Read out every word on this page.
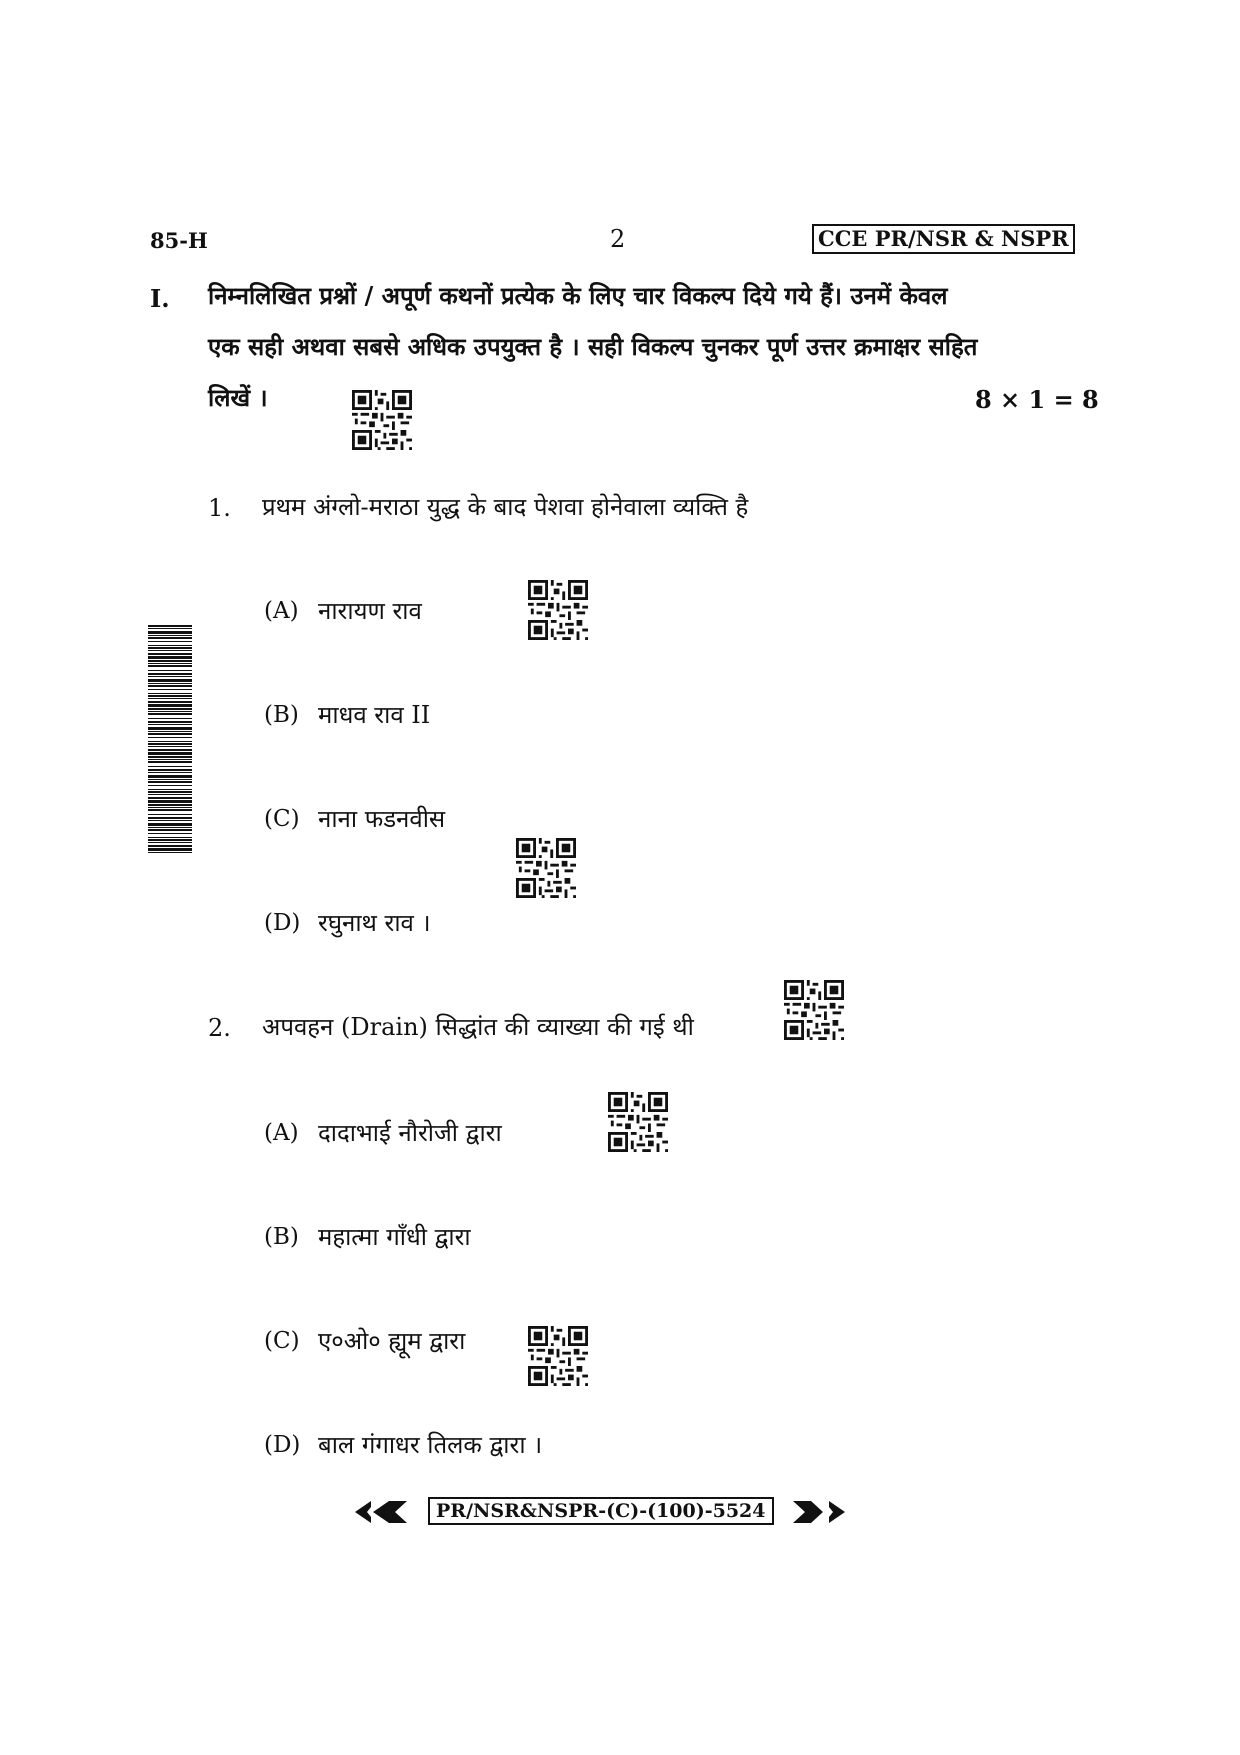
85-H	2	CCE PR/NSR & NSPR
I. निम्नलिखित प्रश्नों / अपूर्ण कथनों प्रत्येक के लिए चार विकल्प दिये गये हैं। उनमें केवल
एक सही अथवा सबसे अधिक उपयुक्त है । सही विकल्प चुनकर पूर्ण उत्तर क्रमाक्षर सहित
लिखें ।	8 × 1 = 8
1. प्रथम अंग्लो-मराठा युद्ध के बाद पेशवा होनेवाला व्यक्ति है
(A) नारायण राव
(B) माधव राव II
(C) नाना फडनवीस
(D) रघुनाथ राव ।
2. अपवहन (Drain) सिद्धांत की व्याख्या की गई थी
(A) दादाभाई नौरोजी द्वारा
(B) महात्मा गाँधी द्वारा
(C) ए०ओ० ह्यूम द्वारा
(D) बाल गंगाधर तिलक द्वारा ।
PR/NSR&NSPR-(C)-(100)-5524
